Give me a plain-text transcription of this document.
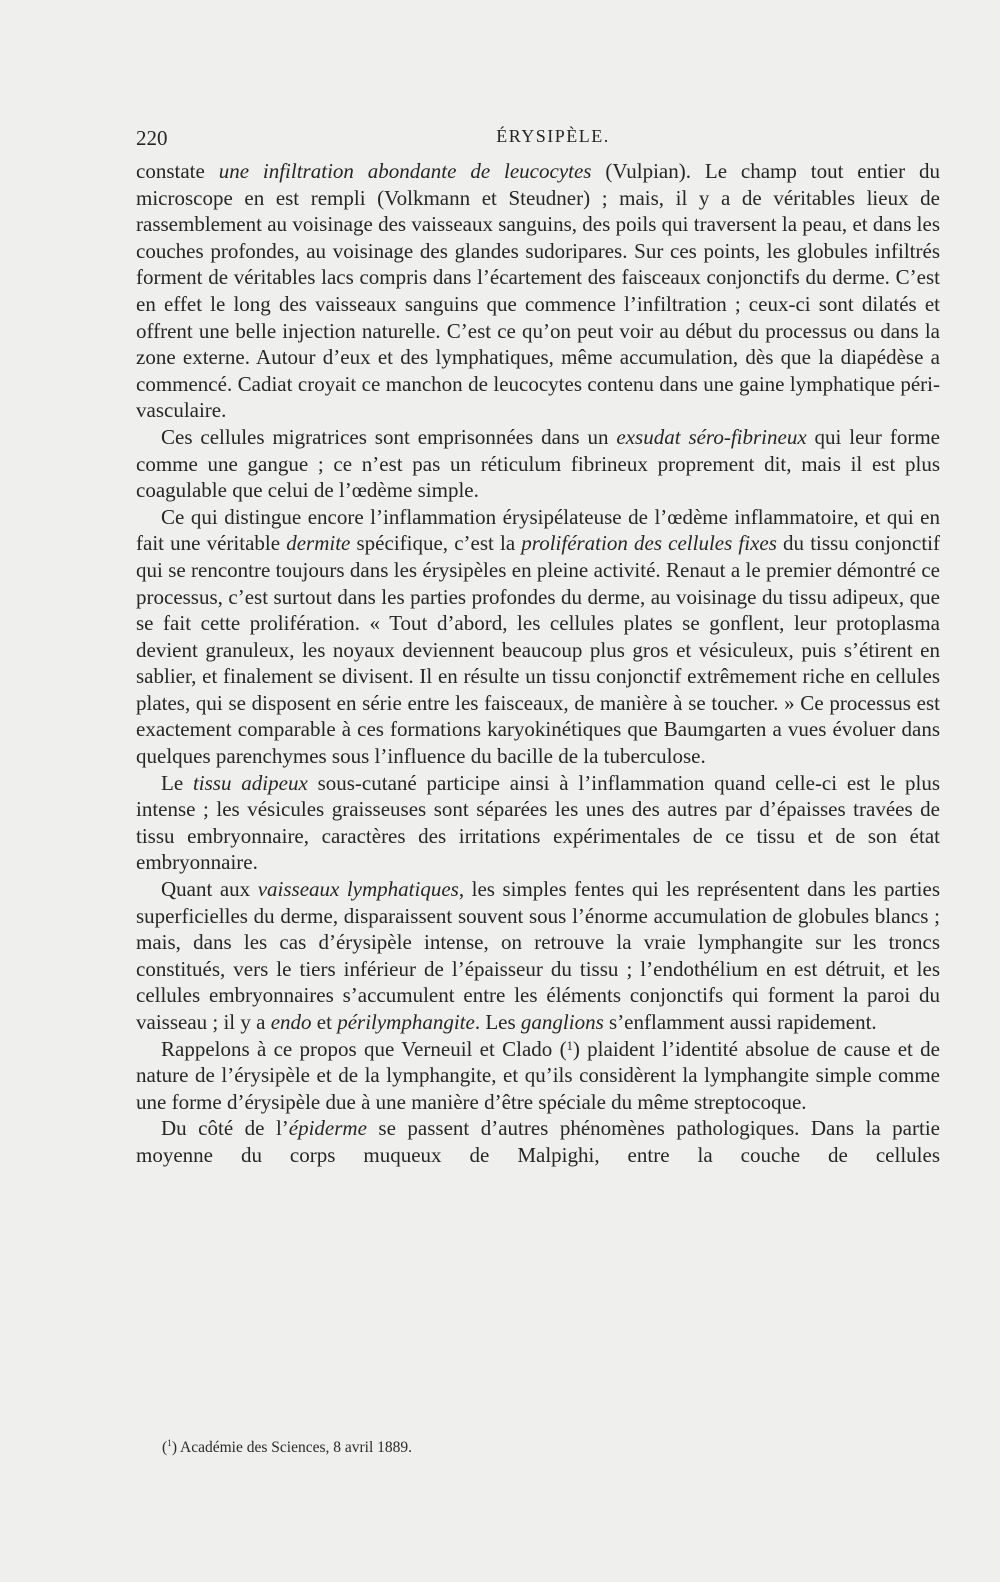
220	ÉRYSIPÈLE.

constate une infiltration abondante de leucocytes (Vulpian). Le champ tout entier du microscope en est rempli (Volkmann et Steudner) ; mais, il y a de véritables lieux de rassemblement au voisinage des vaisseaux sanguins, des poils qui traversent la peau, et dans les couches profondes, au voisinage des glandes sudoripares. Sur ces points, les globules infiltrés forment de véritables lacs compris dans l’écartement des faisceaux conjonctifs du derme. C’est en effet le long des vaisseaux sanguins que commence l’infiltration ; ceux-ci sont dilatés et offrent une belle injection naturelle. C’est ce qu’on peut voir au début du processus ou dans la zone externe. Autour d’eux et des lymphatiques, même accumulation, dès que la diapédèse a commencé. Cadiat croyait ce manchon de leucocytes contenu dans une gaine lymphatique péri-vasculaire.

Ces cellules migratrices sont emprisonnées dans un exsudat séro-fibrineux qui leur forme comme une gangue ; ce n’est pas un réticulum fibrineux proprement dit, mais il est plus coagulable que celui de l’œdème simple.

Ce qui distingue encore l’inflammation érysipélateuse de l’œdème inflammatoire, et qui en fait une véritable dermite spécifique, c’est la prolifération des cellules fixes du tissu conjonctif qui se rencontre toujours dans les érysipèles en pleine activité. Renaut a le premier démontré ce processus, c’est surtout dans les parties profondes du derme, au voisinage du tissu adipeux, que se fait cette prolifération. « Tout d’abord, les cellules plates se gonflent, leur protoplasma devient granuleux, les noyaux deviennent beaucoup plus gros et vésiculeux, puis s’étirent en sablier, et finalement se divisent. Il en résulte un tissu conjonctif extrêmement riche en cellules plates, qui se disposent en série entre les faisceaux, de manière à se toucher. » Ce processus est exactement comparable à ces formations karyokinétiques que Baumgarten a vues évoluer dans quelques parenchymes sous l’influence du bacille de la tuberculose.

Le tissu adipeux sous-cutané participe ainsi à l’inflammation quand celle-ci est le plus intense ; les vésicules graisseuses sont séparées les unes des autres par d’épaisses travées de tissu embryonnaire, caractères des irritations expérimentales de ce tissu et de son état embryonnaire.

Quant aux vaisseaux lymphatiques, les simples fentes qui les représentent dans les parties superficielles du derme, disparaissent souvent sous l’énorme accumulation de globules blancs ; mais, dans les cas d’érysipèle intense, on retrouve la vraie lymphangite sur les troncs constitués, vers le tiers inférieur de l’épaisseur du tissu ; l’endothélium en est détruit, et les cellules embryonnaires s’accumulent entre les éléments conjonctifs qui forment la paroi du vaisseau ; il y a endo et périlymphangite. Les ganglions s’enflamment aussi rapidement.

Rappelons à ce propos que Verneuil et Clado ($^1$) plaident l’identité absolue de cause et de nature de l’érysipèle et de la lymphangite, et qu’ils considèrent la lymphangite simple comme une forme d’érysipèle due à une manière d’être spéciale du même streptocoque.

Du côté de l’épiderme se passent d’autres phénomènes pathologiques. Dans la partie moyenne du corps muqueux de Malpighi, entre la couche de cellules

($^1$) Académie des Sciences, 8 avril 1889.
